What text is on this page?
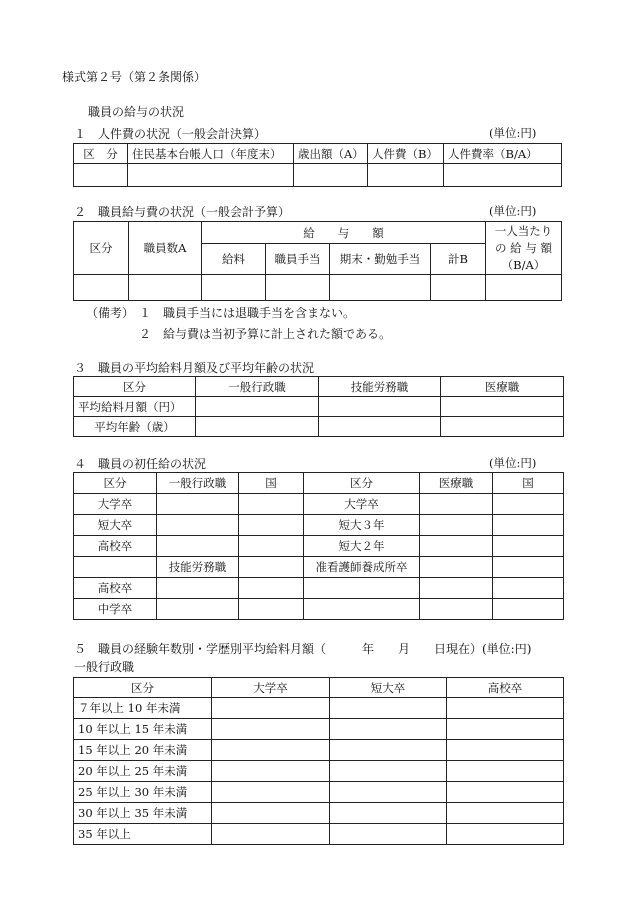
様式第２号（第２条関係）
職員の給与の状況
１　人件費の状況（一般会計決算）	(単位:円)
区　分	住民基本台帳人口（年度末）	歳出額（A）	人件費（B）	人件費率（B/A）

２　職員給与費の状況（一般会計予算）	(単位:円)
区分	職員数A	給　　与　　額				一人当たり
の 給 与 額
（B/A）

		給料	職員手当	期末・勤勉手当	計B	

（備考） １　職員手当には退職手当を含まない。
２　給与費は当初予算に計上された額である。
３　職員の平均給料月額及び平均年齢の状況
区分	一般行政職	技能労務職	医療職
平均給料月額（円）			
平均年齢（歳）			
４　職員の初任給の状況	(単位:円)
区分	一般行政職	国	区分	医療職	国
大学卒			大学卒		
短大卒			短大３年		
高校卒			短大２年		
	技能労務職		准看護師養成所卒		
高校卒					
中学卒					
５　職員の経験年数別・学歴別平均給料月額（　　　年　　月　　日現在）(単位:円)
一般行政職
区分	大学卒	短大卒	高校卒
７年以上 10 年未満			
10 年以上 15 年未満			
15 年以上 20 年未満			
20 年以上 25 年未満			
25 年以上 30 年未満			
30 年以上 35 年未満			
35 年以上			
